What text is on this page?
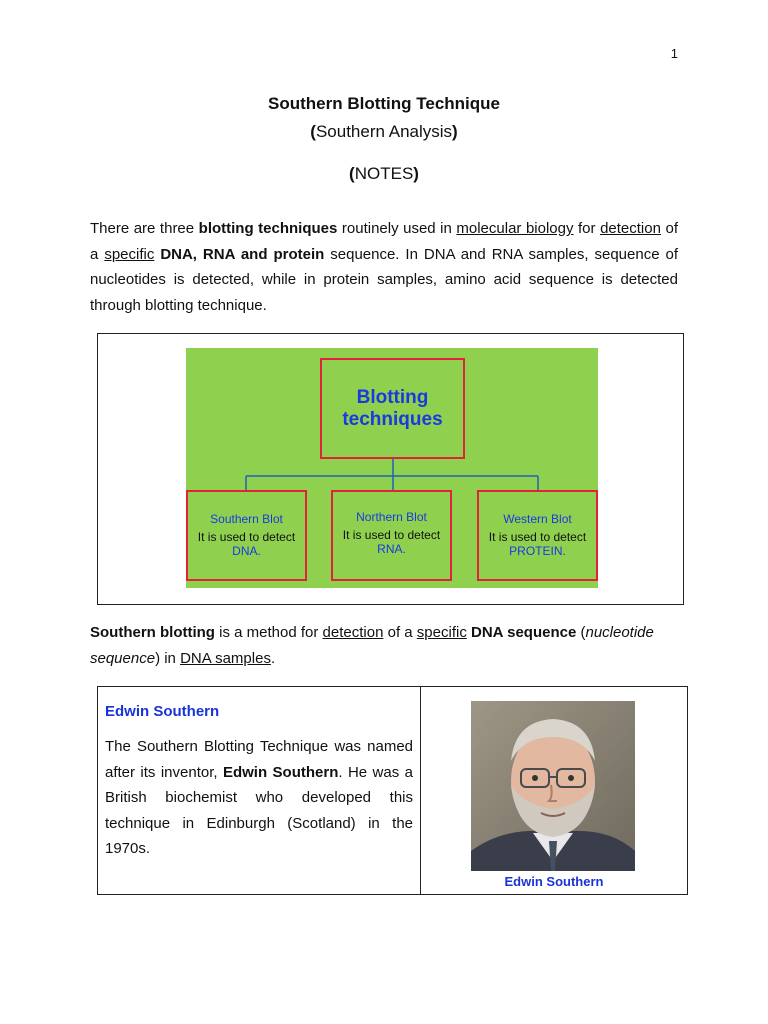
1
Southern Blotting Technique
(Southern Analysis)
(NOTES)
There are three blotting techniques routinely used in molecular biology for detection of a specific DNA, RNA and protein sequence. In DNA and RNA samples, sequence of nucleotides is detected, while in protein samples, amino acid sequence is detected through blotting technique.
Blotting
techniques
Southern Blot
It is used to detect
DNA.
Northern Blot
It is used to detect
RNA.
Western Blot
It is used to detect
PROTEIN.
Southern blotting is a method for detection of a specific DNA sequence (nucleotide sequence) in DNA samples.
Edwin Southern
The Southern Blotting Technique was named after its inventor, Edwin Southern. He was a British biochemist who developed this technique in Edinburgh (Scotland) in the 1970s.
Edwin Southern
